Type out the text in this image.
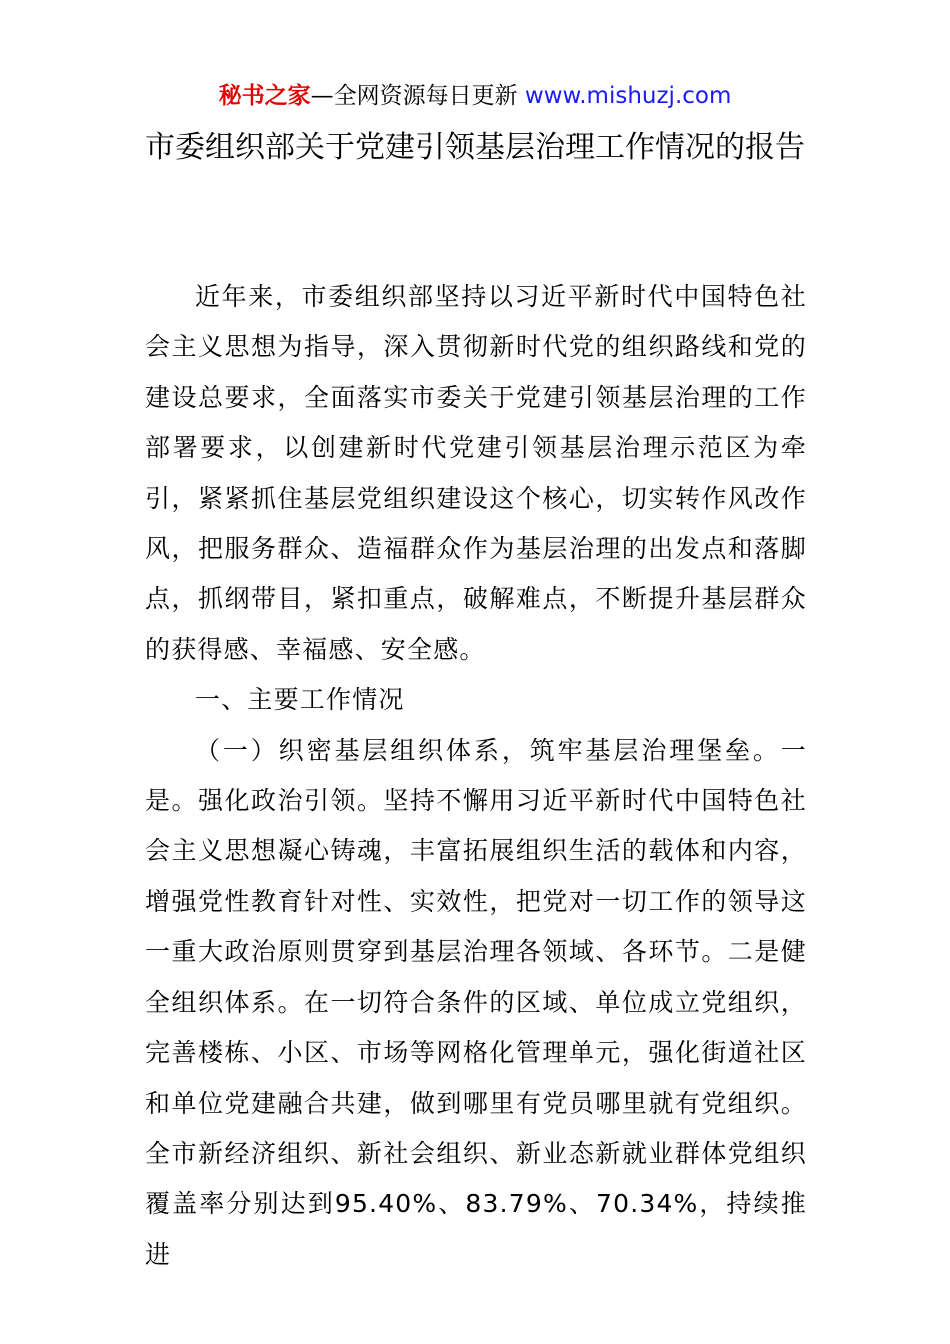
秘书之家—全网资源每日更新 www.mishuzj.com
市委组织部关于党建引领基层治理工作情况的报告

近年来，市委组织部坚持以习近平新时代中国特色社会主义思想为指导，深入贯彻新时代党的组织路线和党的建设总要求，全面落实市委关于党建引领基层治理的工作部署要求，以创建新时代党建引领基层治理示范区为牵引，紧紧抓住基层党组织建设这个核心，切实转作风改作风，把服务群众、造福群众作为基层治理的出发点和落脚点，抓纲带目，紧扣重点，破解难点，不断提升基层群众的获得感、幸福感、安全感。

一、主要工作情况

（一）织密基层组织体系，筑牢基层治理堡垒。一是。强化政治引领。坚持不懈用习近平新时代中国特色社会主义思想凝心铸魂，丰富拓展组织生活的载体和内容，增强党性教育针对性、实效性，把党对一切工作的领导这一重大政治原则贯穿到基层治理各领域、各环节。二是健全组织体系。在一切符合条件的区域、单位成立党组织，完善楼栋、小区、市场等网格化管理单元，强化街道社区和单位党建融合共建，做到哪里有党员哪里就有党组织。全市新经济组织、新社会组织、新业态新就业群体党组织覆盖率分别达到95.40%、83.79%、70.34%，持续推进
